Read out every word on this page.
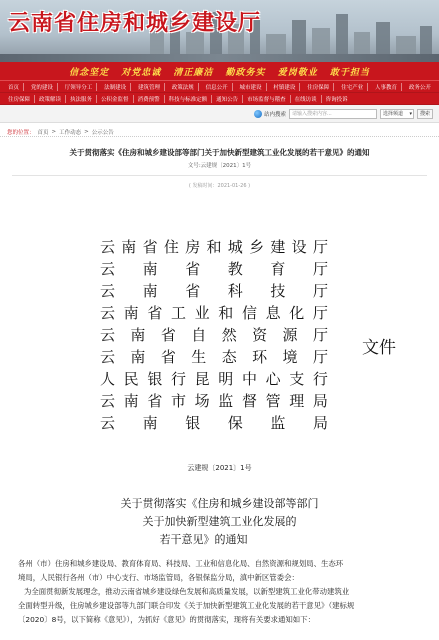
云南省住房和城乡建设厅
信念坚定 对党忠诚 清正廉洁 勤政务实 爱岗敬业 敢于担当
首页	党的建设	厅领导分工	法制建设	建筑管理	政策法规	信息公开	城市建设	村镇建设	住房保障	住宅产业	人事教育	政务公开
住房保障	政策解读	执法服务	公积金监督	消费预警	科技与标准定额	通知公告	市场监督与稽查	在线访谈	咨询投诉
站内搜索	请输入搜索内容...	选择频道 ▾	搜索
您的位置： 首页 > 工作动态 > 公示公告
关于贯彻落实《住房和城乡建设部等部门关于加快新型建筑工业化发展的若干意见》的通知
文号:云建规〔2021〕1号
$^{( 发稿时间:2021-01-26 )}$
云 南 省 住 房 和 城 乡 建 设 厅
云 南 省 教 育 厅
云 南 省 科 技 厅
云 南 省 工 业 和 信 息 化 厅
云 南 省 自 然 资 源 厅
云 南 省 生 态 环 境 厅
人 民 银 行 昆 明 中 心 支 行
云 南 省 市 场 监 督 管 理 局
云 南 银 保 监 局
文件
云建规〔2021〕1号
关于贯彻落实《住房和城乡建设部等部门
关于加快新型建筑工业化发展的
若干意见》的通知

各州（市）住房和城乡建设局、教育体育局、科技局、工业和信息化局、自然资源和规划局、生态环

境局，人民银行各州（市）中心支行、市场监管局，各银保监分局，滇中新区管委会：

为全面贯彻新发展理念，推动云南省城乡建设绿色发展和高质量发展，以新型建筑工业化带动建筑业

全面转型升级，住房城乡建设部等九部门联合印发《关于加快新型建筑工业化发展的若干意见》（建标规

〔2020〕8号，以下简称《意见》），为抓好《意见》的贯彻落实，现将有关要求通知如下：
